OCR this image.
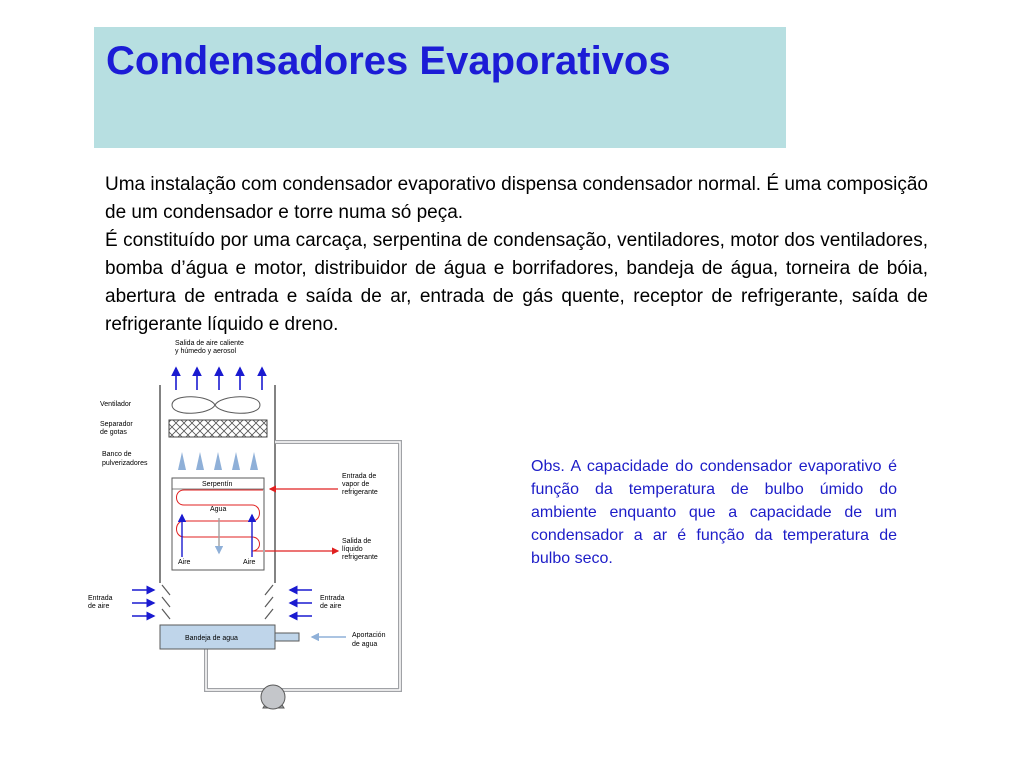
Condensadores Evaporativos

Uma instalação com condensador evaporativo dispensa condensador normal. É uma composição de um condensador e torre numa só peça.

É constituído por uma carcaça, serpentina de condensação, ventiladores, motor dos ventiladores, bomba d’água e motor, distribuidor de água e borrifadores, bandeja de água, torneira de bóia, abertura de entrada e saída de ar, entrada de gás quente, receptor de refrigerante, saída de refrigerante líquido e dreno.

Obs. A capacidade do condensador evaporativo é função da temperatura de bulbo úmido do ambiente enquanto que a capacidade de um condensador a ar é função da temperatura de bulbo seco.
Salida de aire caliente
y húmedo y aerosol
Ventilador
Separador
de gotas
Banco de
pulverizadores
Serpentín
Agua
Aire	Aire
Entrada de
vapor de
refrigerante
Salida de
líquido
refrigerante
Entrada
de aire
Entrada
de aire
Bandeja de agua	Aportación
de agua
